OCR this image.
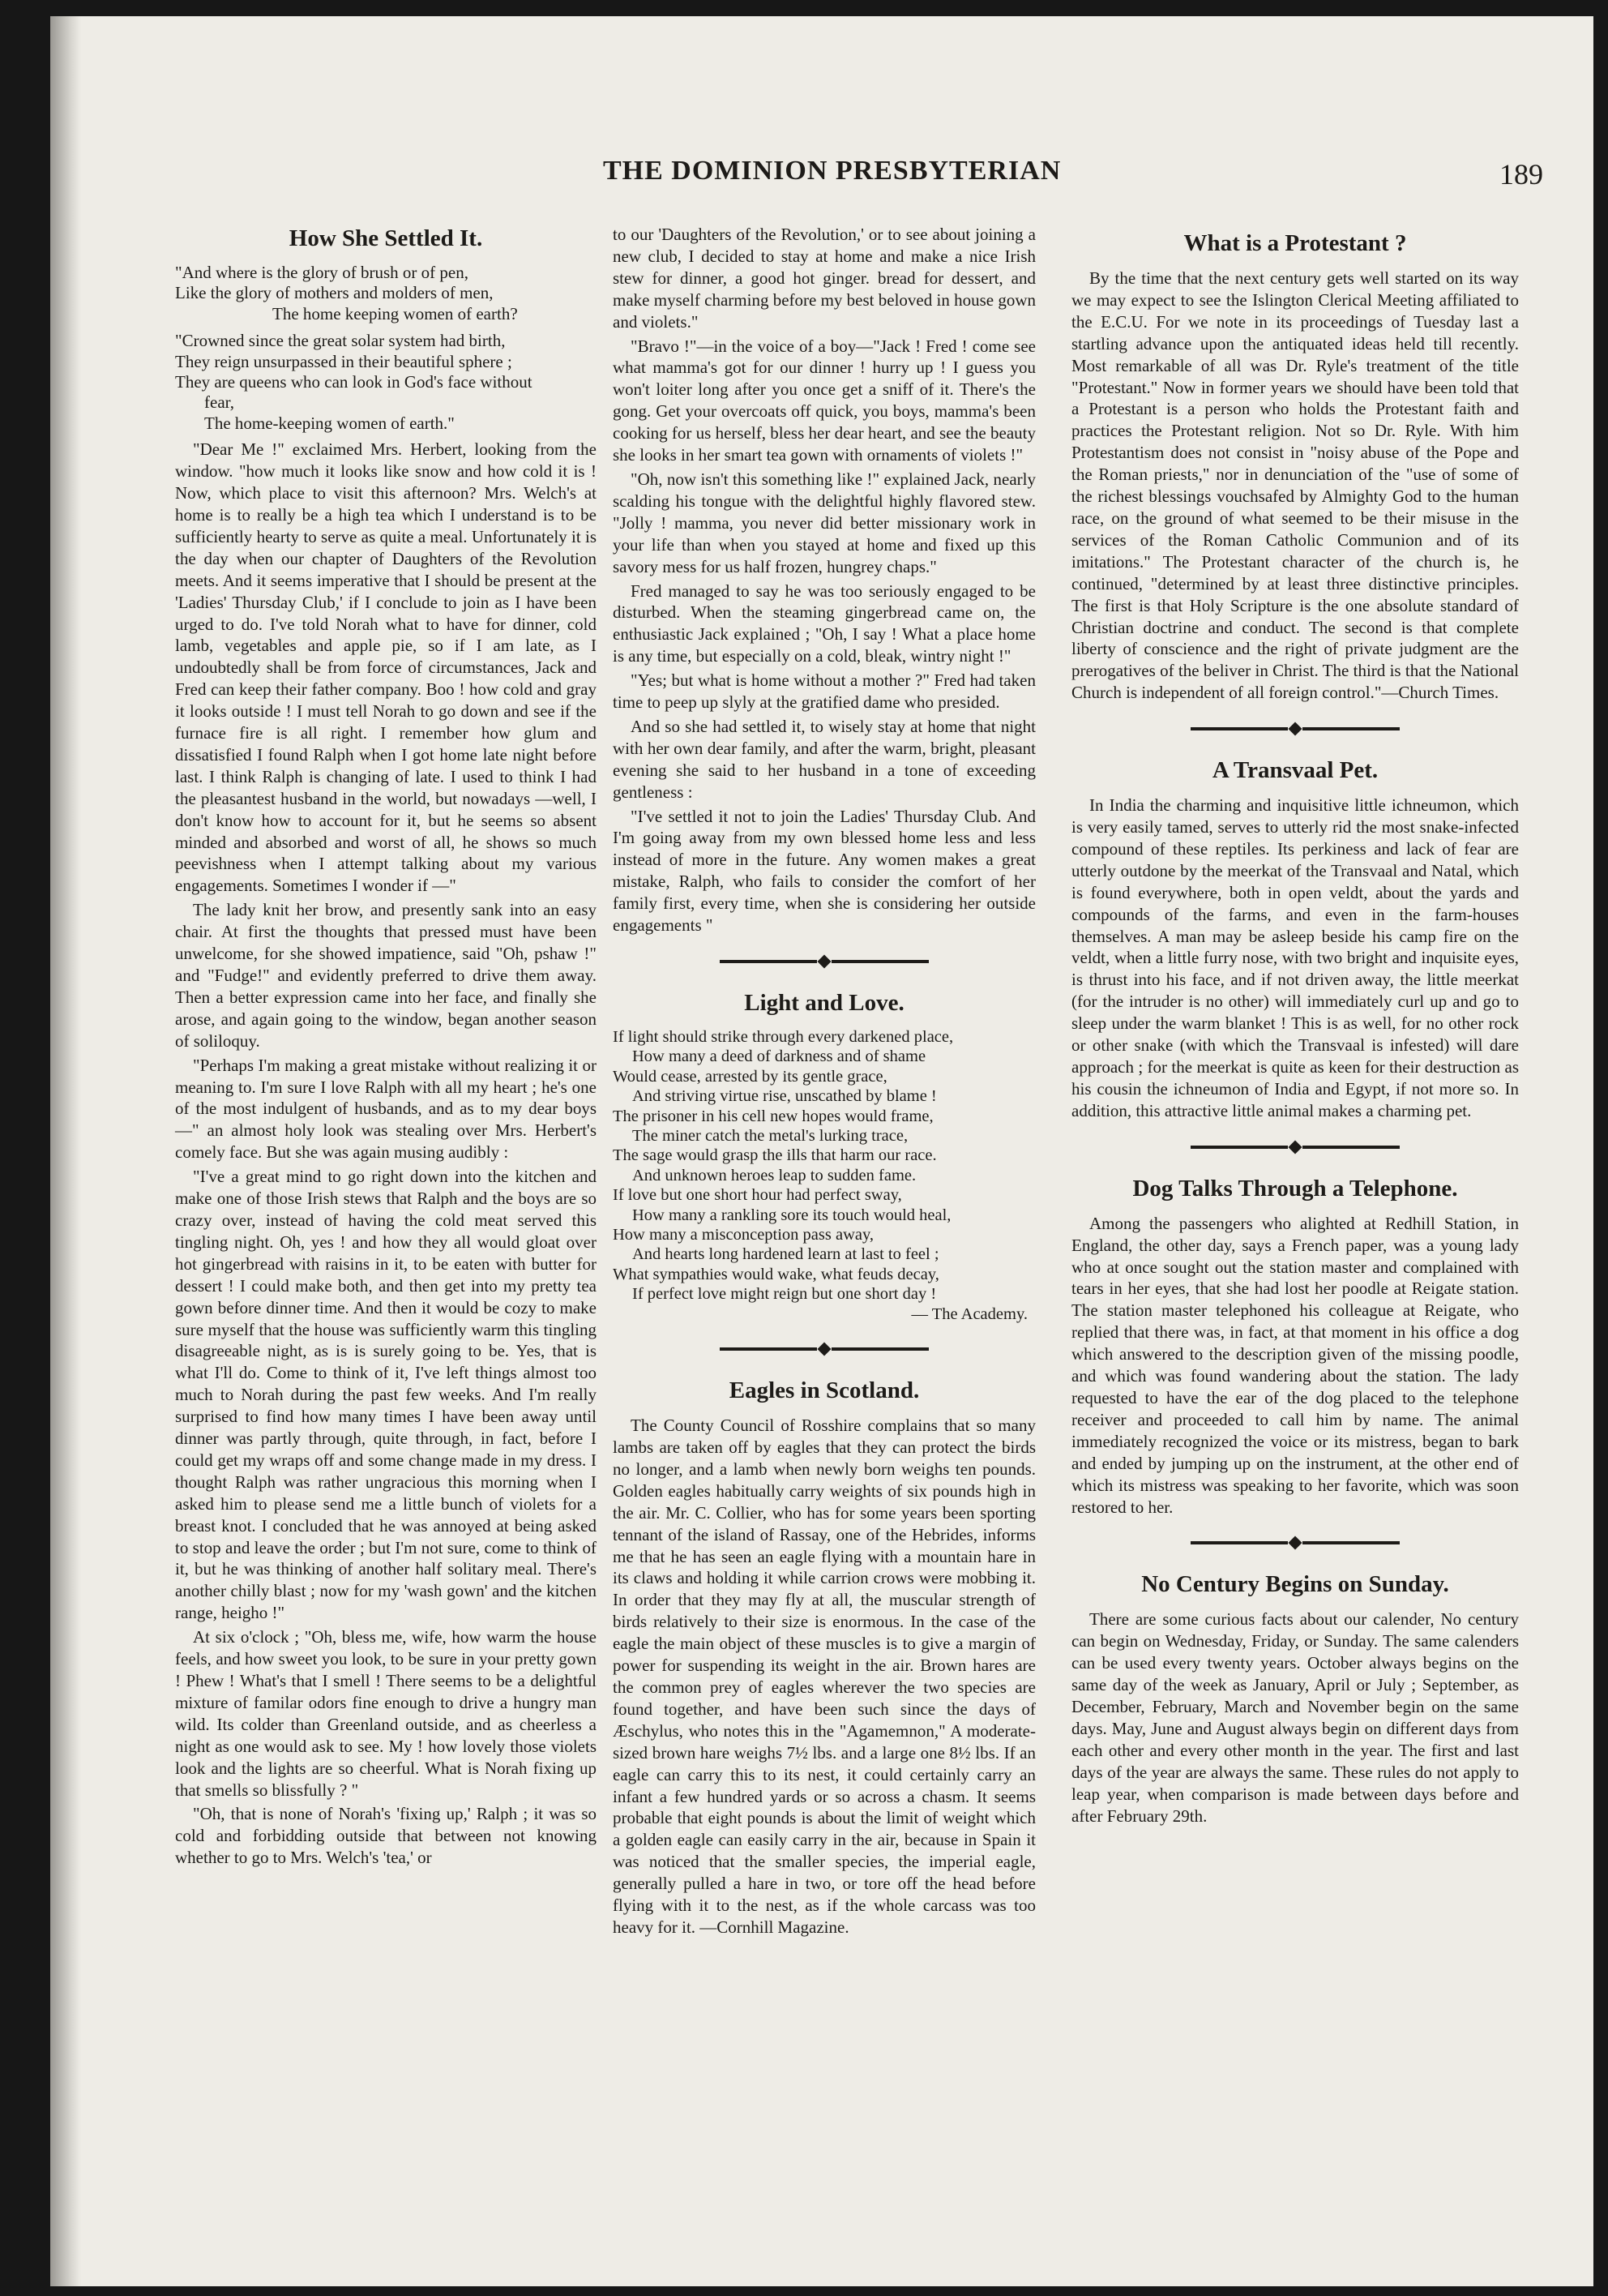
THE DOMINION PRESBYTERIAN	189
How She Settled It.
"And where is the glory of brush or of pen,
Like the glory of mothers and molders of men,
The home keeping women of earth?
"Crowned since the great solar system had birth,
They reign unsurpassed in their beautiful sphere ;
They are queens who can look in God's face without
fear,
The home-keeping women of earth."

"Dear Me !" exclaimed Mrs. Herbert, looking from the window. "how much it looks like snow and how cold it is ! Now, which place to visit this afternoon? Mrs. Welch's at home is to really be a high tea which I understand is to be sufficiently hearty to serve as quite a meal. Unfortunately it is the day when our chapter of Daughters of the Revolution meets. And it seems imperative that I should be present at the 'Ladies' Thursday Club,' if I conclude to join as I have been urged to do. I've told Norah what to have for dinner, cold lamb, vegetables and apple pie, so if I am late, as I undoubtedly shall be from force of circumstances, Jack and Fred can keep their father company. Boo ! how cold and gray it looks outside ! I must tell Norah to go down and see if the furnace fire is all right. I remember how glum and dissatisfied I found Ralph when I got home late night before last. I think Ralph is changing of late. I used to think I had the pleasantest husband in the world, but nowadays —well, I don't know how to account for it, but he seems so absent minded and absorbed and worst of all, he shows so much peevishness when I attempt talking about my various engagements. Sometimes I wonder if —"

The lady knit her brow, and presently sank into an easy chair. At first the thoughts that pressed must have been unwelcome, for she showed impatience, said "Oh, pshaw !" and "Fudge!" and evidently preferred to drive them away. Then a better expression came into her face, and finally she arose, and again going to the window, began another season of soliloquy.

"Perhaps I'm making a great mistake without realizing it or meaning to. I'm sure I love Ralph with all my heart ; he's one of the most indulgent of husbands, and as to my dear boys —" an almost holy look was stealing over Mrs. Herbert's comely face. But she was again musing audibly :

"I've a great mind to go right down into the kitchen and make one of those Irish stews that Ralph and the boys are so crazy over, instead of having the cold meat served this tingling night. Oh, yes ! and how they all would gloat over hot gingerbread with raisins in it, to be eaten with butter for dessert ! I could make both, and then get into my pretty tea gown before dinner time. And then it would be cozy to make sure myself that the house was sufficiently warm this tingling disagreeable night, as is is surely going to be. Yes, that is what I'll do. Come to think of it, I've left things almost too much to Norah during the past few weeks. And I'm really surprised to find how many times I have been away until dinner was partly through, quite through, in fact, before I could get my wraps off and some change made in my dress. I thought Ralph was rather ungracious this morning when I asked him to please send me a little bunch of violets for a breast knot. I concluded that he was annoyed at being asked to stop and leave the order ; but I'm not sure, come to think of it, but he was thinking of another half solitary meal. There's another chilly blast ; now for my 'wash gown' and the kitchen range, heigho !"

At six o'clock ; "Oh, bless me, wife, how warm the house feels, and how sweet you look, to be sure in your pretty gown ! Phew ! What's that I smell ! There seems to be a delightful mixture of familar odors fine enough to drive a hungry man wild. Its colder than Greenland outside, and as cheerless a night as one would ask to see. My ! how lovely those violets look and the lights are so cheerful. What is Norah fixing up that smells so blissfully ? "

"Oh, that is none of Norah's 'fixing up,' Ralph ; it was so cold and forbidding outside that between not knowing whether to go to Mrs. Welch's 'tea,' or

to our 'Daughters of the Revolution,' or to see about joining a new club, I decided to stay at home and make a nice Irish stew for dinner, a good hot ginger. bread for dessert, and make myself charming before my best beloved in house gown and violets."

"Bravo !"—in the voice of a boy—"Jack ! Fred ! come see what mamma's got for our dinner ! hurry up ! I guess you won't loiter long after you once get a sniff of it. There's the gong. Get your overcoats off quick, you boys, mamma's been cooking for us herself, bless her dear heart, and see the beauty she looks in her smart tea gown with ornaments of violets !"

"Oh, now isn't this something like !" explained Jack, nearly scalding his tongue with the delightful highly flavored stew. "Jolly ! mamma, you never did better missionary work in your life than when you stayed at home and fixed up this savory mess for us half frozen, hungrey chaps."

Fred managed to say he was too seriously engaged to be disturbed. When the steaming gingerbread came on, the enthusiastic Jack explained ; "Oh, I say ! What a place home is any time, but especially on a cold, bleak, wintry night !"

"Yes; but what is home without a mother ?" Fred had taken time to peep up slyly at the gratified dame who presided.

And so she had settled it, to wisely stay at home that night with her own dear family, and after the warm, bright, pleasant evening she said to her husband in a tone of exceeding gentleness :

"I've settled it not to join the Ladies' Thursday Club. And I'm going away from my own blessed home less and less instead of more in the future. Any women makes a great mistake, Ralph, who fails to consider the comfort of her family first, every time, when she is considering her outside engagements "

Light and Love.
If light should strike through every darkened place,
How many a deed of darkness and of shame
Would cease, arrested by its gentle grace,
And striving virtue rise, unscathed by blame !
The prisoner in his cell new hopes would frame,
The miner catch the metal's lurking trace,
The sage would grasp the ills that harm our race.
And unknown heroes leap to sudden fame.
If love but one short hour had perfect sway,
How many a rankling sore its touch would heal,
How many a misconception pass away,
And hearts long hardened learn at last to feel ;
What sympathies would wake, what feuds decay,
If perfect love might reign but one short day !
— The Academy.
Eagles in Scotland.

The County Council of Rosshire complains that so many lambs are taken off by eagles that they can protect the birds no longer, and a lamb when newly born weighs ten pounds. Golden eagles habitually carry weights of six pounds high in the air. Mr. C. Collier, who has for some years been sporting tennant of the island of Rassay, one of the Hebrides, informs me that he has seen an eagle flying with a mountain hare in its claws and holding it while carrion crows were mobbing it. In order that they may fly at all, the muscular strength of birds relatively to their size is enormous. In the case of the eagle the main object of these muscles is to give a margin of power for suspending its weight in the air. Brown hares are the common prey of eagles wherever the two species are found together, and have been such since the days of Æschylus, who notes this in the "Agamemnon," A moderate-sized brown hare weighs 7½ lbs. and a large one 8½ lbs. If an eagle can carry this to its nest, it could certainly carry an infant a few hundred yards or so across a chasm. It seems probable that eight pounds is about the limit of weight which a golden eagle can easily carry in the air, because in Spain it was noticed that the smaller species, the imperial eagle, generally pulled a hare in two, or tore off the head before flying with it to the nest, as if the whole carcass was too heavy for it. —Cornhill Magazine.

What is a Protestant ?

By the time that the next century gets well started on its way we may expect to see the Islington Clerical Meeting affiliated to the E.C.U. For we note in its proceedings of Tuesday last a startling advance upon the antiquated ideas held till recently. Most remarkable of all was Dr. Ryle's treatment of the title "Protestant." Now in former years we should have been told that a Protestant is a person who holds the Protestant faith and practices the Protestant religion. Not so Dr. Ryle. With him Protestantism does not consist in "noisy abuse of the Pope and the Roman priests," nor in denunciation of the "use of some of the richest blessings vouchsafed by Almighty God to the human race, on the ground of what seemed to be their misuse in the services of the Roman Catholic Communion and of its imitations." The Protestant character of the church is, he continued, "determined by at least three distinctive principles. The first is that Holy Scripture is the one absolute standard of Christian doctrine and conduct. The second is that complete liberty of conscience and the right of private judgment are the prerogatives of the beliver in Christ. The third is that the National Church is independent of all foreign control."—Church Times.

A Transvaal Pet.

In India the charming and inquisitive little ichneumon, which is very easily tamed, serves to utterly rid the most snake-infected compound of these reptiles. Its perkiness and lack of fear are utterly outdone by the meerkat of the Transvaal and Natal, which is found everywhere, both in open veldt, about the yards and compounds of the farms, and even in the farm-houses themselves. A man may be asleep beside his camp fire on the veldt, when a little furry nose, with two bright and inquisite eyes, is thrust into his face, and if not driven away, the little meerkat (for the intruder is no other) will immediately curl up and go to sleep under the warm blanket ! This is as well, for no other rock or other snake (with which the Transvaal is infested) will dare approach ; for the meerkat is quite as keen for their destruction as his cousin the ichneumon of India and Egypt, if not more so. In addition, this attractive little animal makes a charming pet.

Dog Talks Through a Telephone.

Among the passengers who alighted at Redhill Station, in England, the other day, says a French paper, was a young lady who at once sought out the station master and complained with tears in her eyes, that she had lost her poodle at Reigate station. The station master telephoned his colleague at Reigate, who replied that there was, in fact, at that moment in his office a dog which answered to the description given of the missing poodle, and which was found wandering about the station. The lady requested to have the ear of the dog placed to the telephone receiver and proceeded to call him by name. The animal immediately recognized the voice or its mistress, began to bark and ended by jumping up on the instrument, at the other end of which its mistress was speaking to her favorite, which was soon restored to her.

No Century Begins on Sunday.

There are some curious facts about our calender, No century can begin on Wednesday, Friday, or Sunday. The same calenders can be used every twenty years. October always begins on the same day of the week as January, April or July ; September, as December, February, March and November begin on the same days. May, June and August always begin on different days from each other and every other month in the year. The first and last days of the year are always the same. These rules do not apply to leap year, when comparison is made between days before and after February 29th.
